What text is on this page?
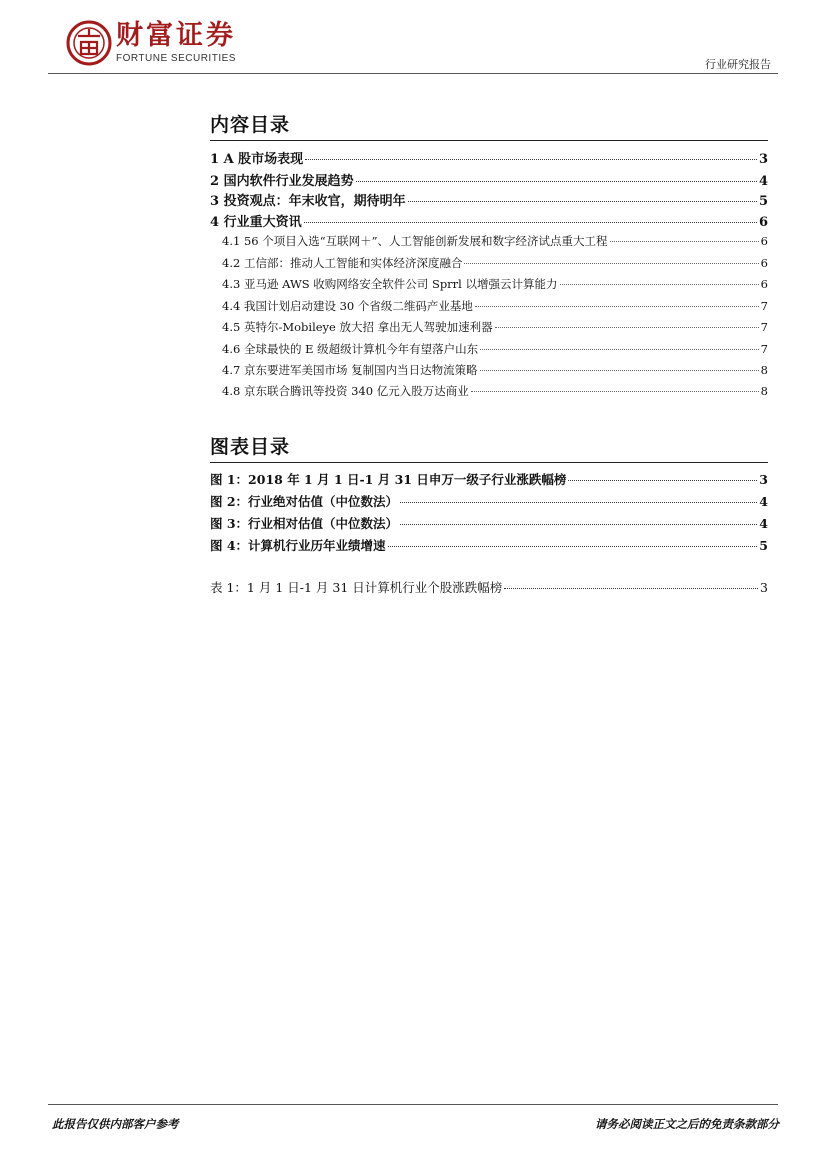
财富证券
FORTUNE SECURITIES	行业研究报告
内容目录
1 A 股市场表现	3
2 国内软件行业发展趋势	4
3 投资观点：年末收官，期待明年	5
4 行业重大资讯	6
4.1 56 个项目入选“互联网＋”、人工智能创新发展和数字经济试点重大工程	6
4.2 工信部：推动人工智能和实体经济深度融合	6
4.3 亚马逊 AWS 收购网络安全软件公司 Sprrl 以增强云计算能力	6
4.4 我国计划启动建设 30 个省级二维码产业基地	7
4.5 英特尔-Mobileye 放大招 拿出无人驾驶加速利器	7
4.6 全球最快的 E 级超级计算机今年有望落户山东	7
4.7 京东要进军美国市场 复制国内当日达物流策略	8
4.8 京东联合腾讯等投资 340 亿元入股万达商业	8
图表目录
图 1：2018 年 1 月 1 日-1 月 31 日申万一级子行业涨跌幅榜	3
图 2：行业绝对估值（中位数法）	4
图 3：行业相对估值（中位数法）	4
图 4：计算机行业历年业绩增速	5
表 1：1 月 1 日-1 月 31 日计算机行业个股涨跌幅榜	3
此报告仅供内部客户参考	请务必阅读正文之后的免责条款部分
